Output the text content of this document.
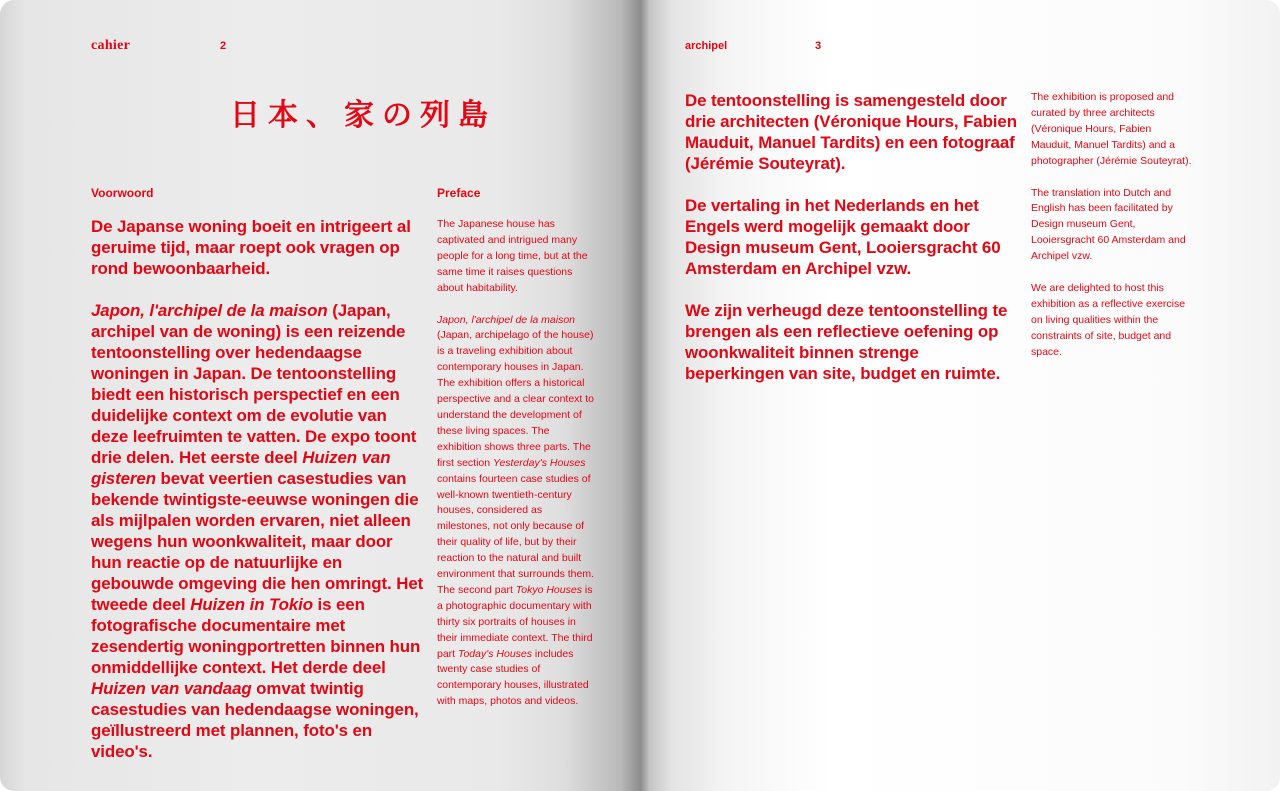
cahier	2
日本、家の列島
Voorwoord	Preface

De Japanse woning boeit en intrigeert al geruime tijd, maar roept ook vragen op rond bewoonbaarheid.

Japon, l'archipel de la maison (Japan, archipel van de woning) is een reizende tentoonstelling over hedendaagse woningen in Japan. De tentoonstelling biedt een historisch perspectief en een duidelijke context om de evolutie van deze leefruimten te vatten. De expo toont drie delen. Het eerste deel Huizen van gisteren bevat veertien casestudies van bekende twintigste-eeuwse woningen die als mijlpalen worden ervaren, niet alleen wegens hun woonkwaliteit, maar door hun reactie op de natuurlijke en gebouwde omgeving die hen omringt. Het tweede deel Huizen in Tokio is een fotografische documentaire met zesendertig woningportretten binnen hun onmiddellijke context. Het derde deel Huizen van vandaag omvat twintig casestudies van hedendaagse woningen, geïllustreerd met plannen, foto's en video's.

The Japanese house has captivated and intrigued many people for a long time, but at the same time it raises questions about habitability.

Japon, l'archipel de la maison (Japan, archipelago of the house) is a traveling exhibition about contemporary houses in Japan. The exhibition offers a historical perspective and a clear context to understand the development of these living spaces. The exhibition shows three parts. The first section Yesterday's Houses contains fourteen case studies of well-known twentieth-century houses, considered as milestones, not only because of their quality of life, but by their reaction to the natural and built environment that surrounds them. The second part Tokyo Houses is a photographic documentary with thirty six portraits of houses in their immediate context. The third part Today's Houses includes twenty case studies of contemporary houses, illustrated with maps, photos and videos.

archipel	3

De tentoonstelling is samengesteld door drie architecten (Véronique Hours, Fabien Mauduit, Manuel Tardits) en een fotograaf (Jérémie Souteyrat).

De vertaling in het Nederlands en het Engels werd mogelijk gemaakt door Design museum Gent, Looiersgracht 60 Amsterdam en Archipel vzw.

We zijn verheugd deze tentoonstelling te brengen als een reflectieve oefening op woonkwaliteit binnen strenge beperkingen van site, budget en ruimte.

The exhibition is proposed and curated by three architects (Véronique Hours, Fabien Mauduit, Manuel Tardits) and a photographer (Jérémie Souteyrat).

The translation into Dutch and English has been facilitated by Design museum Gent, Looiersgracht 60 Amsterdam and Archipel vzw.

We are delighted to host this exhibition as a reflective exercise on living qualities within the constraints of site, budget and space.
